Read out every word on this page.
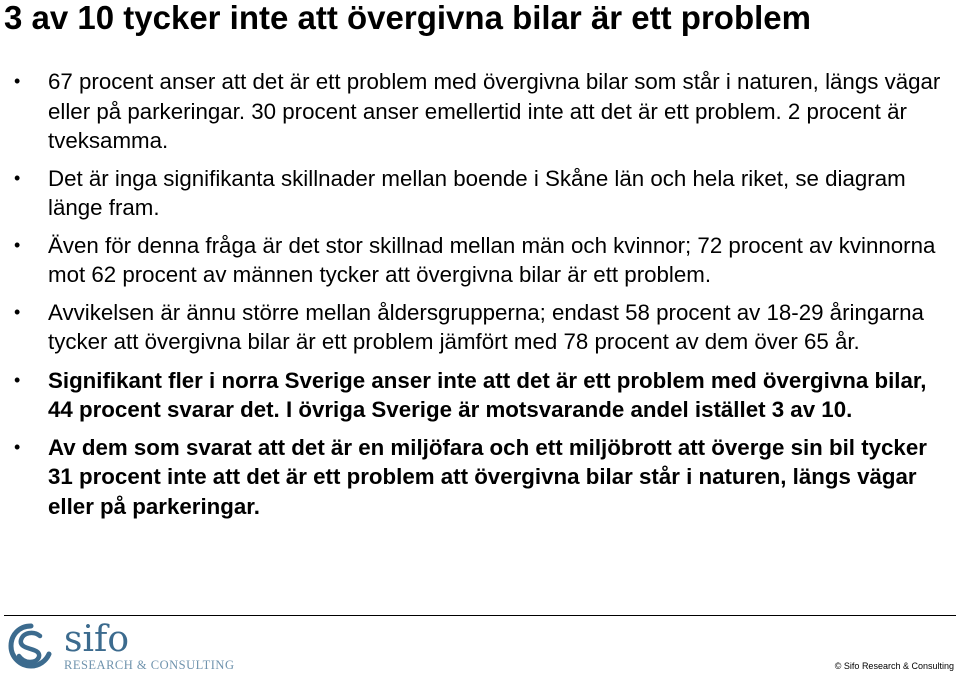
3 av 10 tycker inte att övergivna bilar är ett problem
• 67 procent anser att det är ett problem med övergivna bilar som står i naturen, längs vägar eller på parkeringar. 30 procent anser emellertid inte att det är ett problem. 2 procent är tveksamma.
• Det är inga signifikanta skillnader mellan boende i Skåne län och hela riket, se diagram länge fram.
• Även för denna fråga är det stor skillnad mellan män och kvinnor; 72 procent av kvinnorna mot 62 procent av männen tycker att övergivna bilar är ett problem.
• Avvikelsen är ännu större mellan åldersgrupperna; endast 58 procent av 18-29 åringarna tycker att övergivna bilar är ett problem jämfört med 78 procent av dem över 65 år.
• Signifikant fler i norra Sverige anser inte att det är ett problem med övergivna bilar, 44 procent svarar det. I övriga Sverige är motsvarande andel istället 3 av 10.
• Av dem som svarat att det är en miljöfara och ett miljöbrott att överge sin bil tycker 31 procent inte att det är ett problem att övergivna bilar står i naturen, längs vägar eller på parkeringar.
sifo
RESEARCH & CONSULTING	© Sifo Research & Consulting
